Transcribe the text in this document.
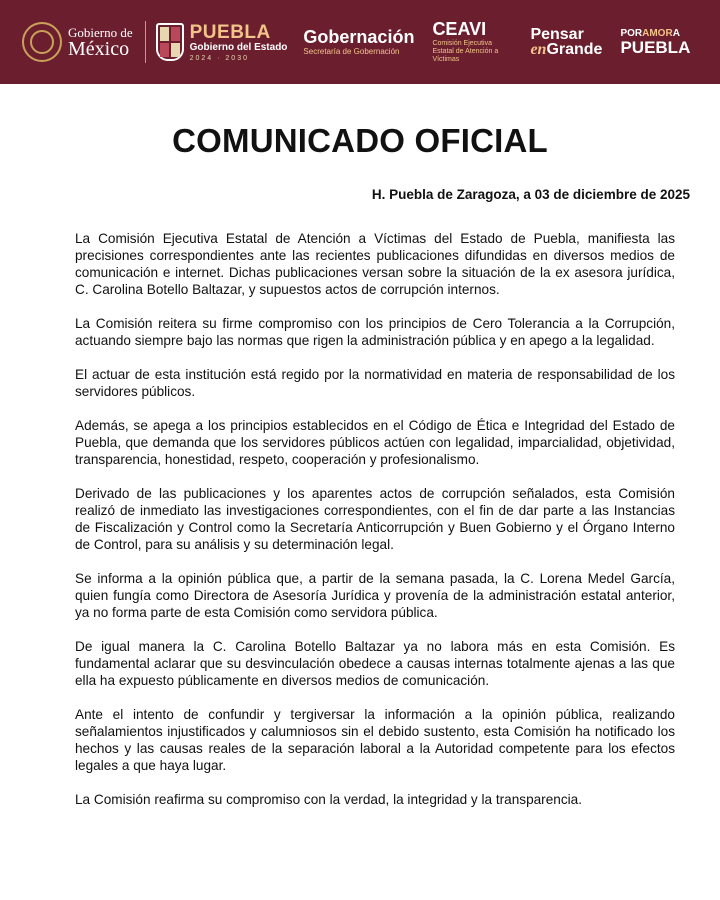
Gobierno de
México
PUEBLA
Gobierno del Estado
2024 · 2030
Gobernación
Secretaría de Gobernación
CEAVI
Comisión Ejecutiva Estatal de Atención a Víctimas
Pensar
enGrande
PORAMORA
PUEBLA
COMUNICADO OFICIAL

H. Puebla de Zaragoza, a 03 de diciembre de 2025

La Comisión Ejecutiva Estatal de Atención a Víctimas del Estado de Puebla, manifiesta las precisiones correspondientes ante las recientes publicaciones difundidas en diversos medios de comunicación e internet. Dichas publicaciones versan sobre la situación de la ex asesora jurídica, C. Carolina Botello Baltazar, y supuestos actos de corrupción internos.

La Comisión reitera su firme compromiso con los principios de Cero Tolerancia a la Corrupción, actuando siempre bajo las normas que rigen la administración pública y en apego a la legalidad.

El actuar de esta institución está regido por la normatividad en materia de responsabilidad de los servidores públicos.

Además, se apega a los principios establecidos en el Código de Ética e Integridad del Estado de Puebla, que demanda que los servidores públicos actúen con legalidad, imparcialidad, objetividad, transparencia, honestidad, respeto, cooperación y profesionalismo.

Derivado de las publicaciones y los aparentes actos de corrupción señalados, esta Comisión realizó de inmediato las investigaciones correspondientes, con el fin de dar parte a las Instancias de Fiscalización y Control como la Secretaría Anticorrupción y Buen Gobierno y el Órgano Interno de Control, para su análisis y su determinación legal.

Se informa a la opinión pública que, a partir de la semana pasada, la C. Lorena Medel García, quien fungía como Directora de Asesoría Jurídica y provenía de la administración estatal anterior, ya no forma parte de esta Comisión como servidora pública.

De igual manera la C. Carolina Botello Baltazar ya no labora más en esta Comisión. Es fundamental aclarar que su desvinculación obedece a causas internas totalmente ajenas a las que ella ha expuesto públicamente en diversos medios de comunicación.

Ante el intento de confundir y tergiversar la información a la opinión pública, realizando señalamientos injustificados y calumniosos sin el debido sustento, esta Comisión ha notificado los hechos y las causas reales de la separación laboral a la Autoridad competente para los efectos legales a que haya lugar.

La Comisión reafirma su compromiso con la verdad, la integridad y la transparencia.
